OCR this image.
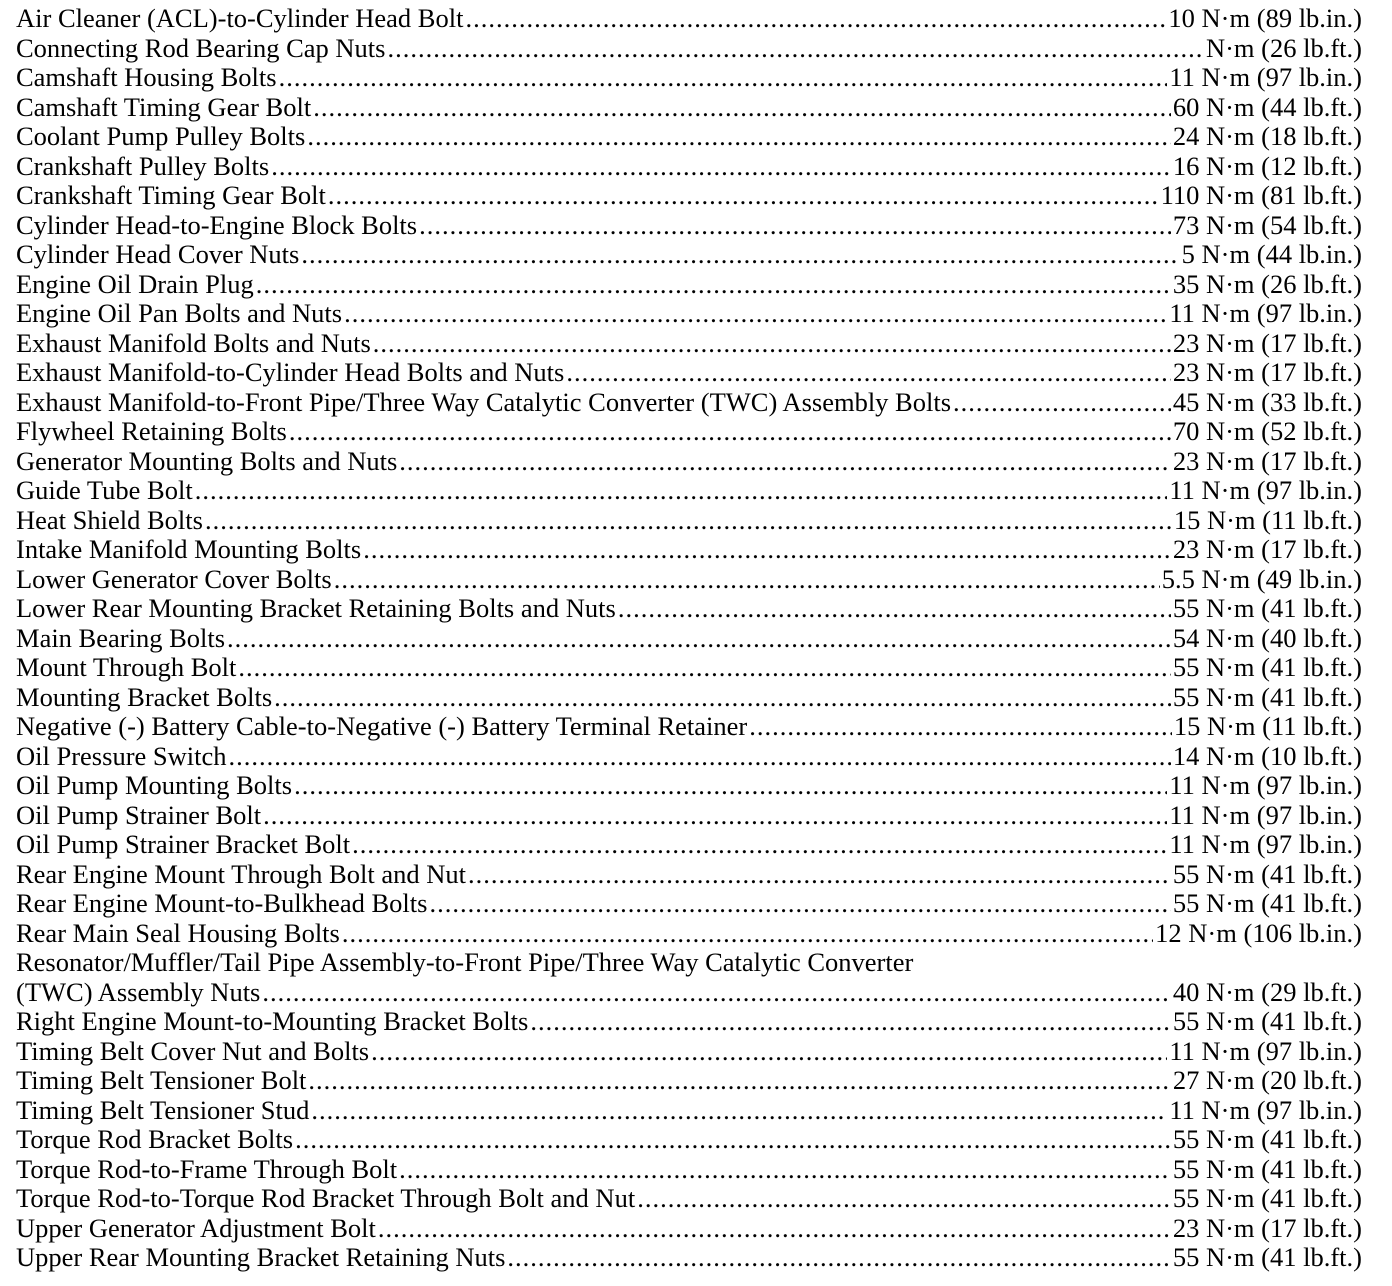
Air Cleaner (ACL)-to-Cylinder Head Bolt .....	10 N·m (89 lb.in.)
Connecting Rod Bearing Cap Nuts .....	N·m (26 lb.ft.)
Camshaft Housing Bolts .....	11 N·m (97 lb.in.)
Camshaft Timing Gear Bolt .....	60 N·m (44 lb.ft.)
Coolant Pump Pulley Bolts .....	24 N·m (18 lb.ft.)
Crankshaft Pulley Bolts .....	16 N·m (12 lb.ft.)
Crankshaft Timing Gear Bolt .....	110 N·m (81 lb.ft.)
Cylinder Head-to-Engine Block Bolts .....	73 N·m (54 lb.ft.)
Cylinder Head Cover Nuts .....	5 N·m (44 lb.in.)
Engine Oil Drain Plug .....	35 N·m (26 lb.ft.)
Engine Oil Pan Bolts and Nuts .....	11 N·m (97 lb.in.)
Exhaust Manifold Bolts and Nuts .....	23 N·m (17 lb.ft.)
Exhaust Manifold-to-Cylinder Head Bolts and Nuts .....	23 N·m (17 lb.ft.)
Exhaust Manifold-to-Front Pipe/Three Way Catalytic Converter (TWC) Assembly Bolts .....	45 N·m (33 lb.ft.)
Flywheel Retaining Bolts .....	70 N·m (52 lb.ft.)
Generator Mounting Bolts and Nuts .....	23 N·m (17 lb.ft.)
Guide Tube Bolt .....	11 N·m (97 lb.in.)
Heat Shield Bolts .....	15 N·m (11 lb.ft.)
Intake Manifold Mounting Bolts .....	23 N·m (17 lb.ft.)
Lower Generator Cover Bolts .....	5.5 N·m (49 lb.in.)
Lower Rear Mounting Bracket Retaining Bolts and Nuts .....	55 N·m (41 lb.ft.)
Main Bearing Bolts .....	54 N·m (40 lb.ft.)
Mount Through Bolt .....	55 N·m (41 lb.ft.)
Mounting Bracket Bolts .....	55 N·m (41 lb.ft.)
Negative (-) Battery Cable-to-Negative (-) Battery Terminal Retainer .....	15 N·m (11 lb.ft.)
Oil Pressure Switch .....	14 N·m (10 lb.ft.)
Oil Pump Mounting Bolts .....	11 N·m (97 lb.in.)
Oil Pump Strainer Bolt .....	11 N·m (97 lb.in.)
Oil Pump Strainer Bracket Bolt .....	11 N·m (97 lb.in.)
Rear Engine Mount Through Bolt and Nut .....	55 N·m (41 lb.ft.)
Rear Engine Mount-to-Bulkhead Bolts .....	55 N·m (41 lb.ft.)
Rear Main Seal Housing Bolts .....	12 N·m (106 lb.in.)
Resonator/Muffler/Tail Pipe Assembly-to-Front Pipe/Three Way Catalytic Converter
(TWC) Assembly Nuts .....	40 N·m (29 lb.ft.)
Right Engine Mount-to-Mounting Bracket Bolts .....	55 N·m (41 lb.ft.)
Timing Belt Cover Nut and Bolts .....	11 N·m (97 lb.in.)
Timing Belt Tensioner Bolt .....	27 N·m (20 lb.ft.)
Timing Belt Tensioner Stud .....	11 N·m (97 lb.in.)
Torque Rod Bracket Bolts .....	55 N·m (41 lb.ft.)
Torque Rod-to-Frame Through Bolt .....	55 N·m (41 lb.ft.)
Torque Rod-to-Torque Rod Bracket Through Bolt and Nut .....	55 N·m (41 lb.ft.)
Upper Generator Adjustment Bolt .....	23 N·m (17 lb.ft.)
Upper Rear Mounting Bracket Retaining Nuts .....	55 N·m (41 lb.ft.)
